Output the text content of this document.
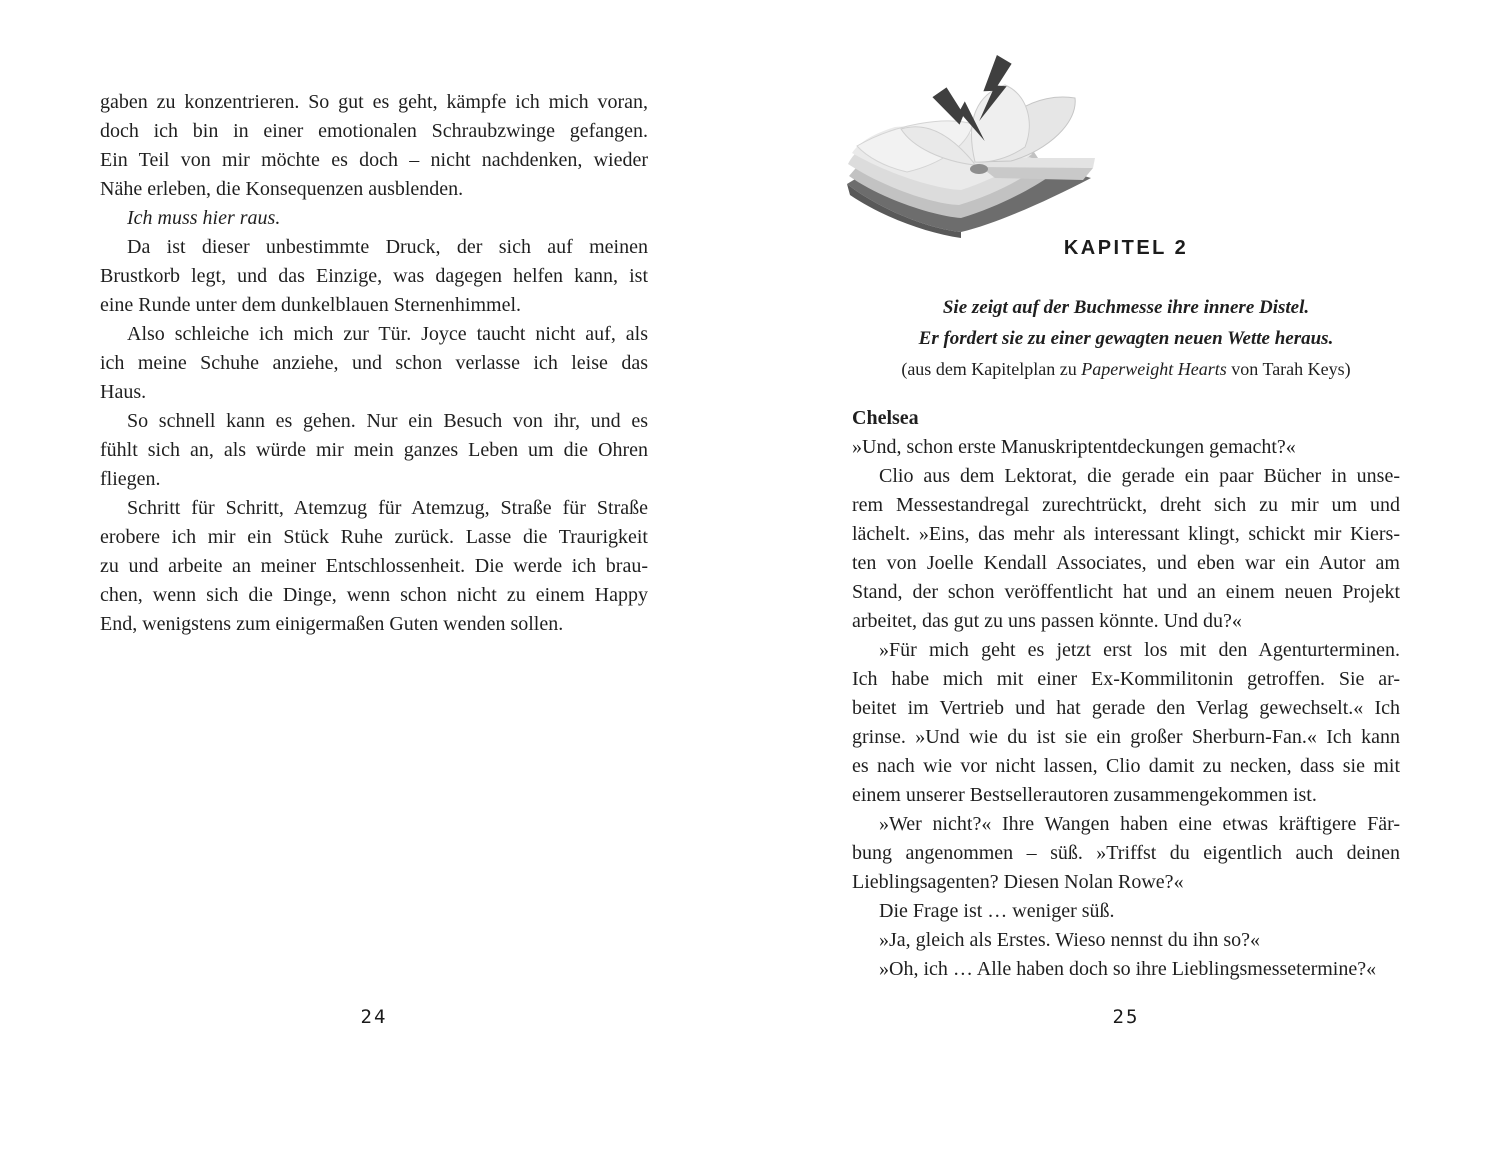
gaben zu konzentrieren. So gut es geht, kämpfe ich mich voran,
doch ich bin in einer emotionalen Schraubzwinge gefangen.
Ein Teil von mir möchte es doch – nicht nachdenken, wieder
Nähe erleben, die Konsequenzen ausblenden.
Ich muss hier raus.
Da ist dieser unbestimmte Druck, der sich auf meinen
Brustkorb legt, und das Einzige, was dagegen helfen kann, ist
eine Runde unter dem dunkelblauen Sternenhimmel.
Also schleiche ich mich zur Tür. Joyce taucht nicht auf, als
ich meine Schuhe anziehe, und schon verlasse ich leise das
Haus.
So schnell kann es gehen. Nur ein Besuch von ihr, und es
fühlt sich an, als würde mir mein ganzes Leben um die Ohren
fliegen.
Schritt für Schritt, Atemzug für Atemzug, Straße für Straße
erobere ich mir ein Stück Ruhe zurück. Lasse die Traurigkeit
zu und arbeite an meiner Entschlossenheit. Die werde ich brau-
chen, wenn sich die Dinge, wenn schon nicht zu einem Happy
End, wenigstens zum einigermaßen Guten wenden sollen.
24
KAPITEL 2
Sie zeigt auf der Buchmesse ihre innere Distel.
Er fordert sie zu einer gewagten neuen Wette heraus.
(aus dem Kapitelplan zu Paperweight Hearts von Tarah Keys)
Chelsea
»Und, schon erste Manuskriptentdeckungen gemacht?«
Clio aus dem Lektorat, die gerade ein paar Bücher in unse-
rem Messestandregal zurechtrückt, dreht sich zu mir um und
lächelt. »Eins, das mehr als interessant klingt, schickt mir Kiers-
ten von Joelle Kendall Associates, und eben war ein Autor am
Stand, der schon veröffentlicht hat und an einem neuen Projekt
arbeitet, das gut zu uns passen könnte. Und du?«
»Für mich geht es jetzt erst los mit den Agenturterminen.
Ich habe mich mit einer Ex-Kommilitonin getroffen. Sie ar-
beitet im Vertrieb und hat gerade den Verlag gewechselt.« Ich
grinse. »Und wie du ist sie ein großer Sherburn-Fan.« Ich kann
es nach wie vor nicht lassen, Clio damit zu necken, dass sie mit
einem unserer Bestsellerautoren zusammengekommen ist.
»Wer nicht?« Ihre Wangen haben eine etwas kräftigere Fär-
bung angenommen – süß. »Triffst du eigentlich auch deinen
Lieblingsagenten? Diesen Nolan Rowe?«
Die Frage ist … weniger süß.
»Ja, gleich als Erstes. Wieso nennst du ihn so?«
»Oh, ich … Alle haben doch so ihre Lieblingsmessetermine?«
25
